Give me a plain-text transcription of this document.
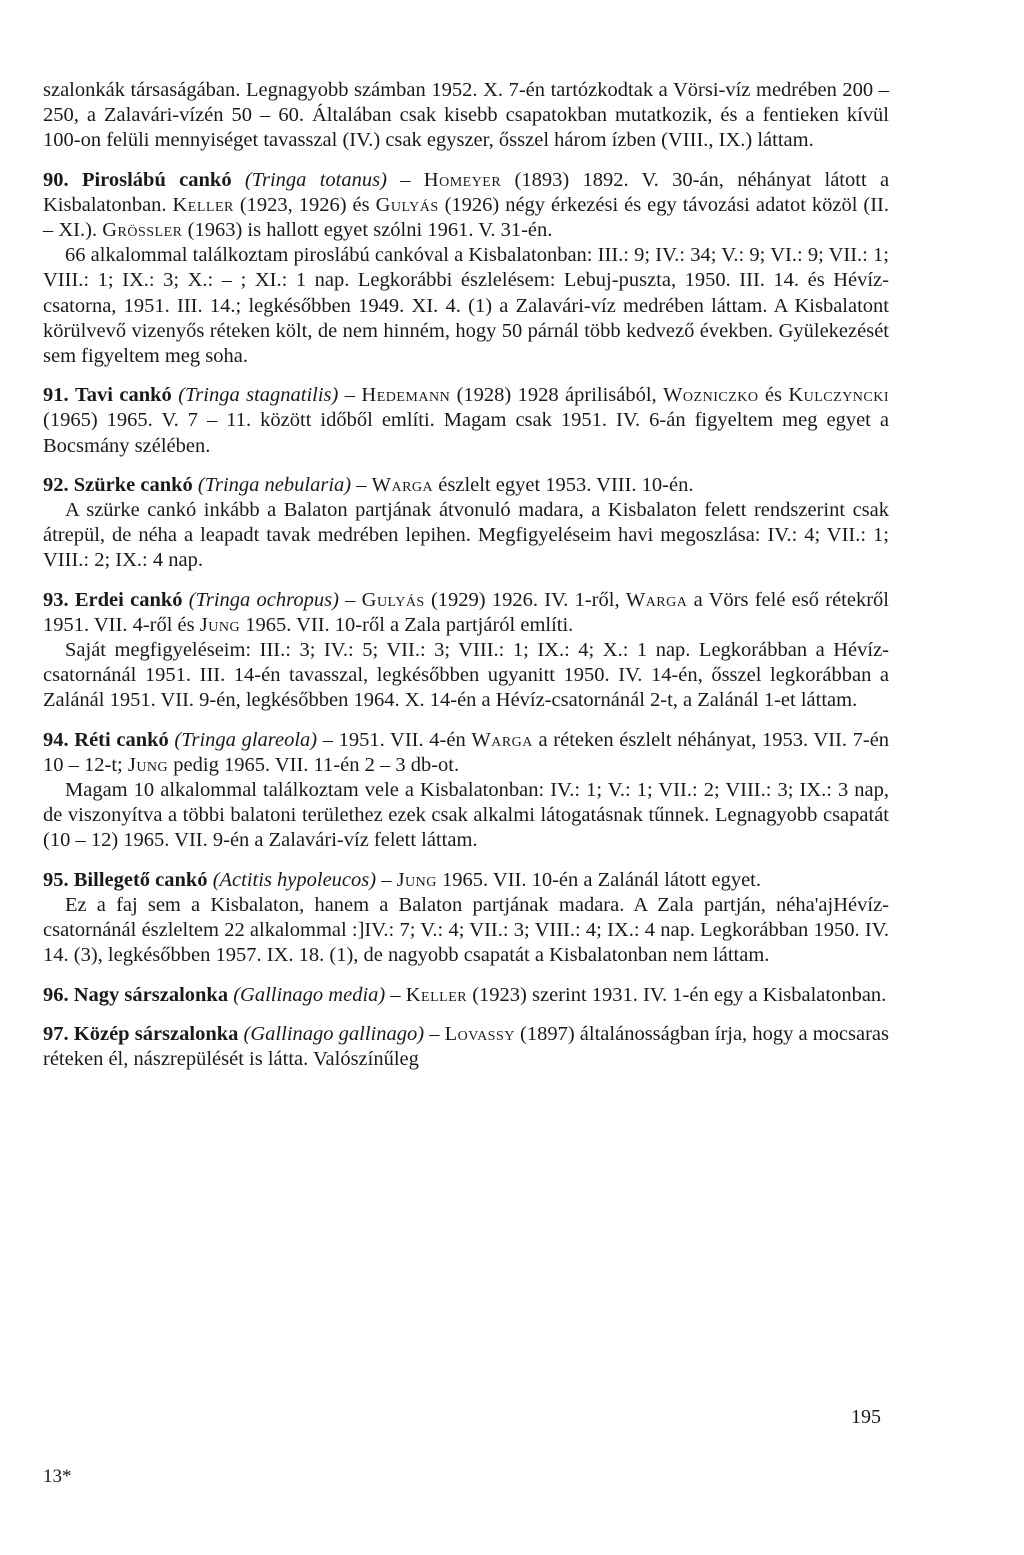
szalonkák társaságában. Legnagyobb számban 1952. X. 7-én tartózkodtak a Vörsi-víz medrében 200 – 250, a Zalavári-vízén 50 – 60. Általában csak kisebb csapatokban mutatkozik, és a fentieken kívül 100-on felüli mennyiséget tavasszal (IV.) csak egyszer, ősszel három ízben (VIII., IX.) láttam.

90. Piroslábú cankó (Tringa totanus) – Homeyer (1893) 1892. V. 30-án, néhányat látott a Kisbalatonban. Keller (1923, 1926) és Gulyás (1926) négy érkezési és egy távozási adatot közöl (II. – XI.). Grössler (1963) is hallott egyet szólni 1961. V. 31-én.

66 alkalommal találkoztam piroslábú cankóval a Kisbalatonban: III.: 9; IV.: 34; V.: 9; VI.: 9; VII.: 1; VIII.: 1; IX.: 3; X.: – ; XI.: 1 nap. Legkorábbi észlelésem: Lebuj-puszta, 1950. III. 14. és Hévíz-csatorna, 1951. III. 14.; legkésőbben 1949. XI. 4. (1) a Zalavári-víz medrében láttam. A Kisbalatont körülvevő vizenyős réteken költ, de nem hinném, hogy 50 párnál több kedvező években. Gyülekezését sem figyeltem meg soha.

91. Tavi cankó (Tringa stagnatilis) – Hedemann (1928) 1928 áprilisából, Wozniczko és Kulczyncki (1965) 1965. V. 7 – 11. között időből említi. Magam csak 1951. IV. 6-án figyeltem meg egyet a Bocsmány szélében.

92. Szürke cankó (Tringa nebularia) – Warga észlelt egyet 1953. VIII. 10-én.

A szürke cankó inkább a Balaton partjának átvonuló madara, a Kisbalaton felett rendszerint csak átrepül, de néha a leapadt tavak medrében lepihen. Megfigyeléseim havi megoszlása: IV.: 4; VII.: 1; VIII.: 2; IX.: 4 nap.

93. Erdei cankó (Tringa ochropus) – Gulyás (1929) 1926. IV. 1-ről, Warga a Vörs felé eső rétekről 1951. VII. 4-ről és Jung 1965. VII. 10-ről a Zala partjáról említi.

Saját megfigyeléseim: III.: 3; IV.: 5; VII.: 3; VIII.: 1; IX.: 4; X.: 1 nap. Legkorábban a Hévíz-csatornánál 1951. III. 14-én tavasszal, legkésőbben ugyanitt 1950. IV. 14-én, ősszel legkorábban a Zalánál 1951. VII. 9-én, legkésőbben 1964. X. 14-én a Hévíz-csatornánál 2-t, a Zalánál 1-et láttam.

94. Réti cankó (Tringa glareola) – 1951. VII. 4-én Warga a réteken észlelt néhányat, 1953. VII. 7-én 10 – 12-t; Jung pedig 1965. VII. 11-én 2 – 3 db-ot.

Magam 10 alkalommal találkoztam vele a Kisbalatonban: IV.: 1; V.: 1; VII.: 2; VIII.: 3; IX.: 3 nap, de viszonyítva a többi balatoni területhez ezek csak alkalmi látogatásnak tűnnek. Legnagyobb csapatát (10 – 12) 1965. VII. 9-én a Zalavári-víz felett láttam.

95. Billegető cankó (Actitis hypoleucos) – Jung 1965. VII. 10-én a Zalánál látott egyet.

Ez a faj sem a Kisbalaton, hanem a Balaton partjának madara. A Zala partján, néha'ajHévíz-csatornánál észleltem 22 alkalommal :]IV.: 7; V.: 4; VII.: 3; VIII.: 4; IX.: 4 nap. Legkorábban 1950. IV. 14. (3), legkésőbben 1957. IX. 18. (1), de nagyobb csapatát a Kisbalatonban nem láttam.

96. Nagy sárszalonka (Gallinago media) – Keller (1923) szerint 1931. IV. 1-én egy a Kisbalatonban.

97. Közép sárszalonka (Gallinago gallinago) – Lovassy (1897) általánosságban írja, hogy a mocsaras réteken él, nászrepülését is látta. Valószínűleg

195
13*
